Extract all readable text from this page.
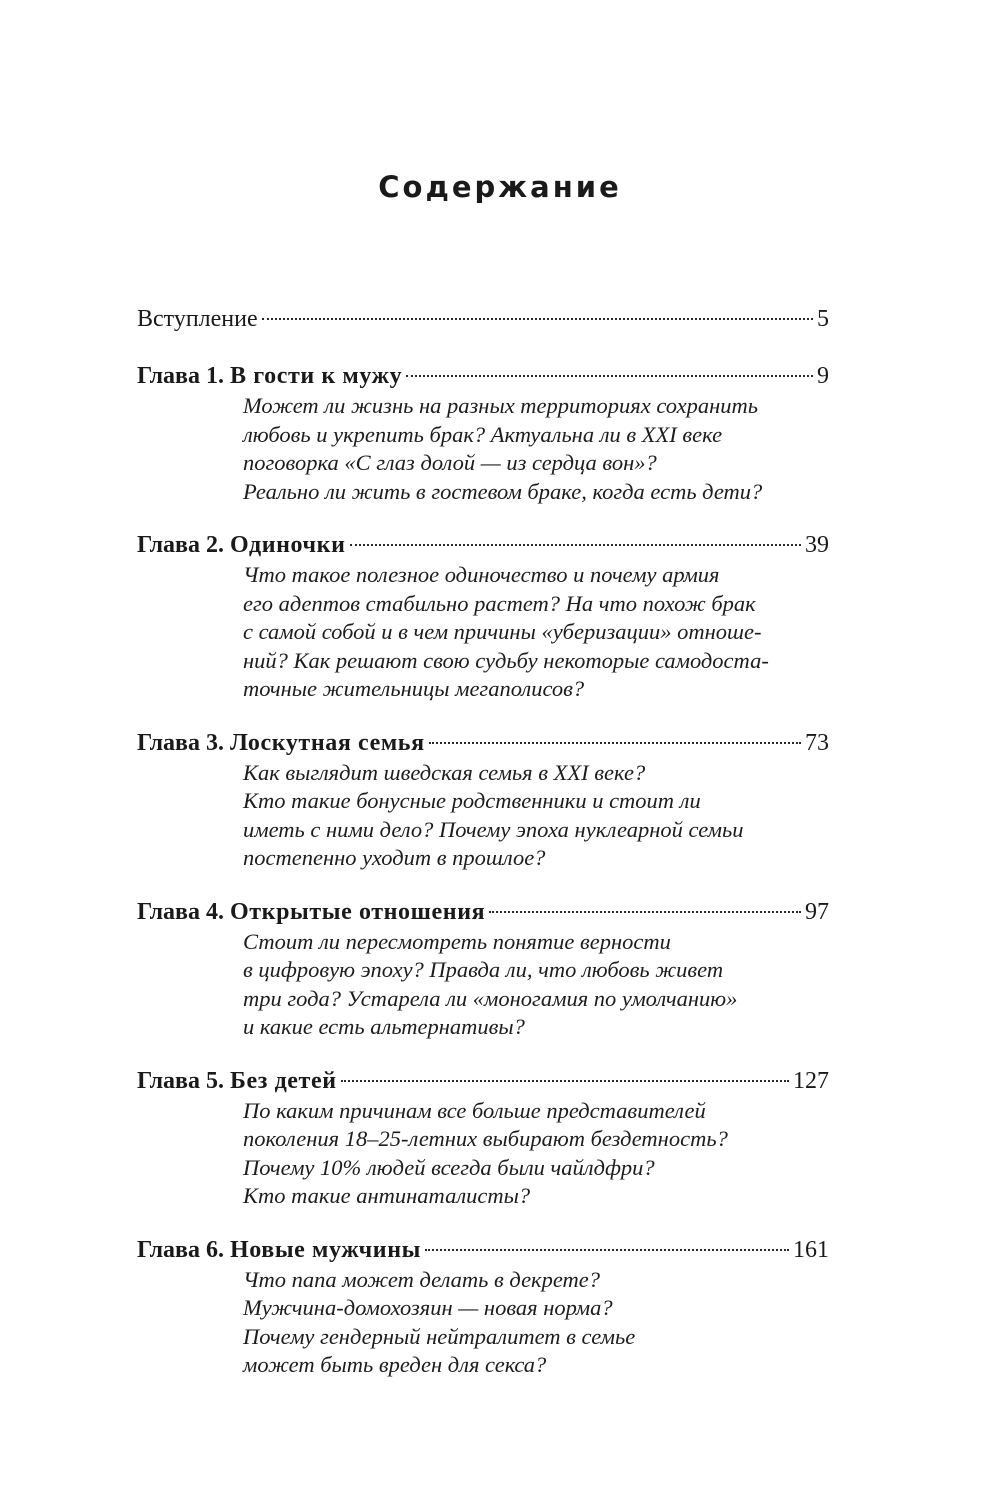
Содержание
Вступление	5
Глава 1. В гости к мужу	9
Может ли жизнь на разных территориях сохранить
любовь и укрепить брак? Актуальна ли в XXI веке
поговорка «С глаз долой — из сердца вон»?
Реально ли жить в гостевом браке, когда есть дети?
Глава 2. Одиночки	39
Что такое полезное одиночество и почему армия
его адептов стабильно растет? На что похож брак
с самой собой и в чем причины «уберизации» отноше-
ний? Как решают свою судьбу некоторые самодоста-
точные жительницы мегаполисов?
Глава 3. Лоскутная семья	73
Как выглядит шведская семья в XXI веке?
Кто такие бонусные родственники и стоит ли
иметь с ними дело? Почему эпоха нуклеарной семьи
постепенно уходит в прошлое?
Глава 4. Открытые отношения	97
Стоит ли пересмотреть понятие верности
в цифровую эпоху? Правда ли, что любовь живет
три года? Устарела ли «моногамия по умолчанию»
и какие есть альтернативы?
Глава 5. Без детей	127
По каким причинам все больше представителей
поколения 18–25-летних выбирают бездетность?
Почему 10% людей всегда были чайлдфри?
Кто такие антинаталисты?
Глава 6. Новые мужчины	161
Что папа может делать в декрете?
Мужчина-домохозяин — новая норма?
Почему гендерный нейтралитет в семье
может быть вреден для секса?
